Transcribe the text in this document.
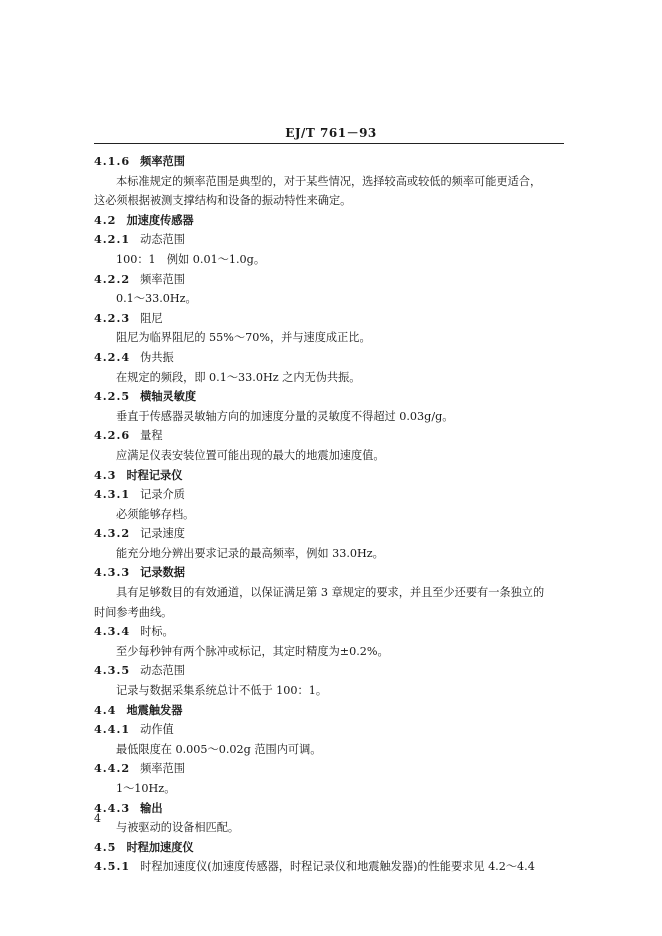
EJ/T 761－93
4.1.6 频率范围
本标准规定的频率范围是典型的，对于某些情况，选择较高或较低的频率可能更适合，
这必须根据被测支撑结构和设备的振动特性来确定。
4.2 加速度传感器
4.2.1 动态范围
100：1　例如 0.01～1.0g。
4.2.2 频率范围
0.1～33.0Hz。
4.2.3 阻尼
阻尼为临界阻尼的 55%～70%，并与速度成正比。
4.2.4 伪共振
在规定的频段，即 0.1～33.0Hz 之内无伪共振。
4.2.5 横轴灵敏度
垂直于传感器灵敏轴方向的加速度分量的灵敏度不得超过 0.03g/g。
4.2.6 量程
应满足仪表安装位置可能出现的最大的地震加速度值。
4.3 时程记录仪
4.3.1 记录介质
必须能够存档。
4.3.2 记录速度
能充分地分辨出要求记录的最高频率，例如 33.0Hz。
4.3.3 记录数据
具有足够数目的有效通道，以保证满足第 3 章规定的要求，并且至少还要有一条独立的
时间参考曲线。
4.3.4 时标。
至少每秒钟有两个脉冲或标记，其定时精度为±0.2%。
4.3.5 动态范围
记录与数据采集系统总计不低于 100：1。
4.4 地震触发器
4.4.1 动作值
最低限度在 0.005～0.02g 范围内可调。
4.4.2 频率范围
1～10Hz。
4.4.3 输出
与被驱动的设备相匹配。
4.5 时程加速度仪
4.5.1 时程加速度仪(加速度传感器，时程记录仪和地震触发器)的性能要求见 4.2～4.4
4
